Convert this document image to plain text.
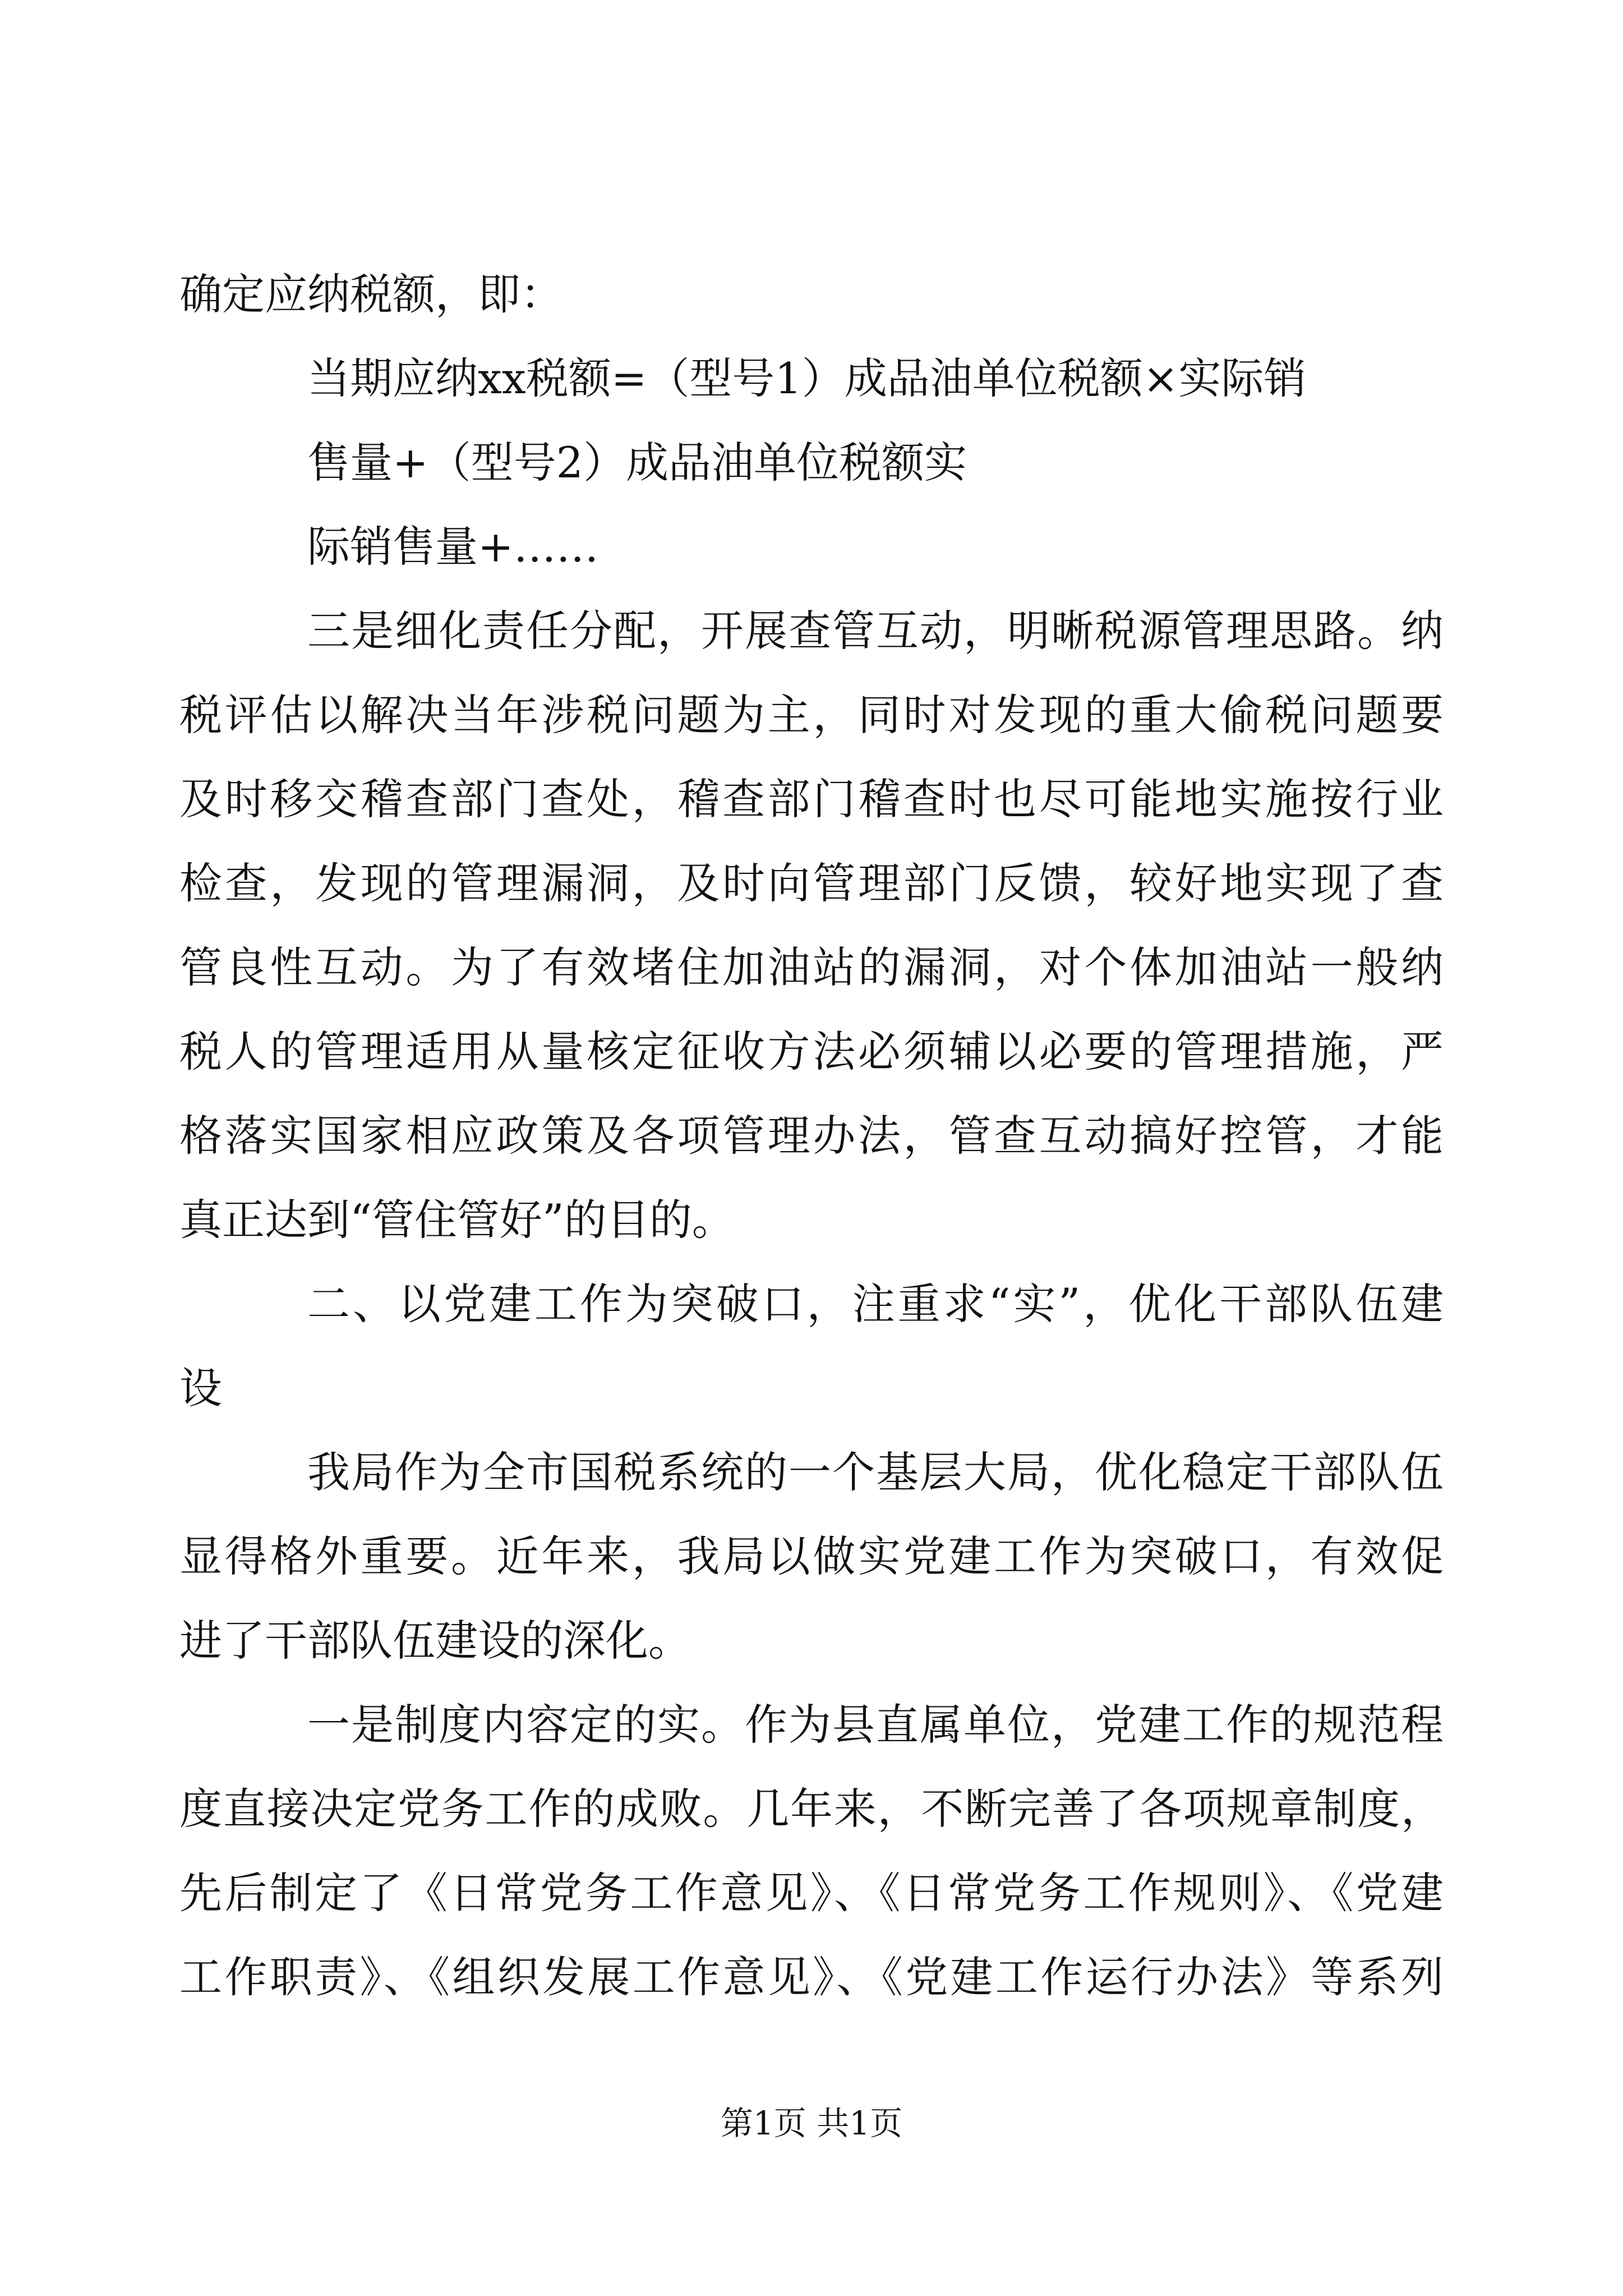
确定应纳税额，即：
当期应纳xx税额=（型号1）成品油单位税额×实际销
售量+（型号2）成品油单位税额实
际销售量+……
三是细化责任分配，开展查管互动，明晰税源管理思路。纳
税评估以解决当年涉税问题为主，同时对发现的重大偷税问题要
及时移交稽查部门查处，稽查部门稽查时也尽可能地实施按行业
检查，发现的管理漏洞，及时向管理部门反馈，较好地实现了查
管良性互动。为了有效堵住加油站的漏洞，对个体加油站一般纳
税人的管理适用从量核定征收方法必须辅以必要的管理措施，严
格落实国家相应政策及各项管理办法，管查互动搞好控管，才能
真正达到“管住管好”的目的。
二、以党建工作为突破口，注重求“实”，优化干部队伍建
设
我局作为全市国税系统的一个基层大局，优化稳定干部队伍
显得格外重要。近年来，我局以做实党建工作为突破口，有效促
进了干部队伍建设的深化。
一是制度内容定的实。作为县直属单位，党建工作的规范程
度直接决定党务工作的成败。几年来，不断完善了各项规章制度，
先后制定了《日常党务工作意见》、《日常党务工作规则》、《党建
工作职责》、《组织发展工作意见》、《党建工作运行办法》等系列
第1页 共1页
